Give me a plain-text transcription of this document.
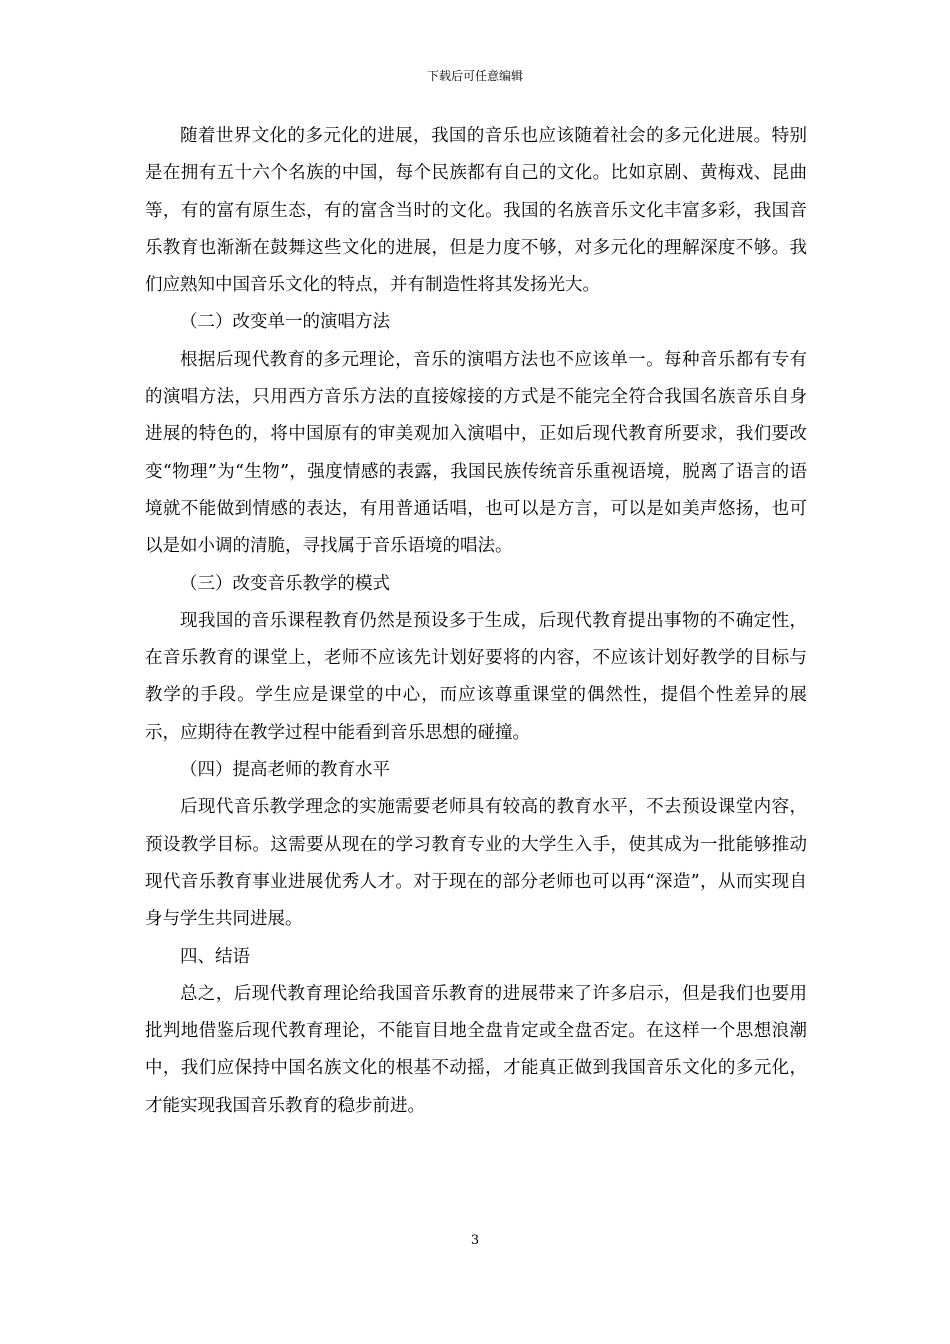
下载后可任意编辑

随着世界文化的多元化的进展，我国的音乐也应该随着社会的多元化进展。特别是在拥有五十六个名族的中国，每个民族都有自己的文化。比如京剧、黄梅戏、昆曲等，有的富有原生态，有的富含当时的文化。我国的名族音乐文化丰富多彩，我国音乐教育也渐渐在鼓舞这些文化的进展，但是力度不够，对多元化的理解深度不够。我们应熟知中国音乐文化的特点，并有制造性将其发扬光大。

（二）改变单一的演唱方法

根据后现代教育的多元理论，音乐的演唱方法也不应该单一。每种音乐都有专有的演唱方法，只用西方音乐方法的直接嫁接的方式是不能完全符合我国名族音乐自身进展的特色的，将中国原有的审美观加入演唱中，正如后现代教育所要求，我们要改变“物理”为“生物”，强度情感的表露，我国民族传统音乐重视语境，脱离了语言的语境就不能做到情感的表达，有用普通话唱，也可以是方言，可以是如美声悠扬，也可以是如小调的清脆，寻找属于音乐语境的唱法。

（三）改变音乐教学的模式

现我国的音乐课程教育仍然是预设多于生成，后现代教育提出事物的不确定性，在音乐教育的课堂上，老师不应该先计划好要将的内容，不应该计划好教学的目标与教学的手段。学生应是课堂的中心，而应该尊重课堂的偶然性，提倡个性差异的展示，应期待在教学过程中能看到音乐思想的碰撞。

（四）提高老师的教育水平

后现代音乐教学理念的实施需要老师具有较高的教育水平，不去预设课堂内容，预设教学目标。这需要从现在的学习教育专业的大学生入手，使其成为一批能够推动现代音乐教育事业进展优秀人才。对于现在的部分老师也可以再“深造”，从而实现自身与学生共同进展。

四、结语

总之，后现代教育理论给我国音乐教育的进展带来了许多启示，但是我们也要用批判地借鉴后现代教育理论，不能盲目地全盘肯定或全盘否定。在这样一个思想浪潮中，我们应保持中国名族文化的根基不动摇，才能真正做到我国音乐文化的多元化，才能实现我国音乐教育的稳步前进。

3
